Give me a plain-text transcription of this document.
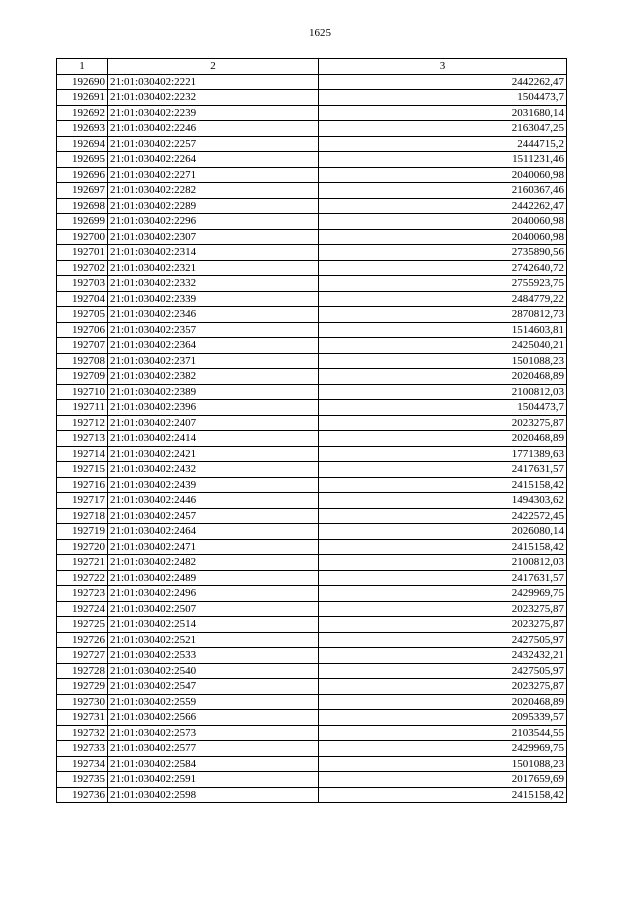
1625
1	2	3
192690	21:01:030402:2221	2442262,47
192691	21:01:030402:2232	1504473,7
192692	21:01:030402:2239	2031680,14
192693	21:01:030402:2246	2163047,25
192694	21:01:030402:2257	2444715,2
192695	21:01:030402:2264	1511231,46
192696	21:01:030402:2271	2040060,98
192697	21:01:030402:2282	2160367,46
192698	21:01:030402:2289	2442262,47
192699	21:01:030402:2296	2040060,98
192700	21:01:030402:2307	2040060,98
192701	21:01:030402:2314	2735890,56
192702	21:01:030402:2321	2742640,72
192703	21:01:030402:2332	2755923,75
192704	21:01:030402:2339	2484779,22
192705	21:01:030402:2346	2870812,73
192706	21:01:030402:2357	1514603,81
192707	21:01:030402:2364	2425040,21
192708	21:01:030402:2371	1501088,23
192709	21:01:030402:2382	2020468,89
192710	21:01:030402:2389	2100812,03
192711	21:01:030402:2396	1504473,7
192712	21:01:030402:2407	2023275,87
192713	21:01:030402:2414	2020468,89
192714	21:01:030402:2421	1771389,63
192715	21:01:030402:2432	2417631,57
192716	21:01:030402:2439	2415158,42
192717	21:01:030402:2446	1494303,62
192718	21:01:030402:2457	2422572,45
192719	21:01:030402:2464	2026080,14
192720	21:01:030402:2471	2415158,42
192721	21:01:030402:2482	2100812,03
192722	21:01:030402:2489	2417631,57
192723	21:01:030402:2496	2429969,75
192724	21:01:030402:2507	2023275,87
192725	21:01:030402:2514	2023275,87
192726	21:01:030402:2521	2427505,97
192727	21:01:030402:2533	2432432,21
192728	21:01:030402:2540	2427505,97
192729	21:01:030402:2547	2023275,87
192730	21:01:030402:2559	2020468,89
192731	21:01:030402:2566	2095339,57
192732	21:01:030402:2573	2103544,55
192733	21:01:030402:2577	2429969,75
192734	21:01:030402:2584	1501088,23
192735	21:01:030402:2591	2017659,69
192736	21:01:030402:2598	2415158,42
